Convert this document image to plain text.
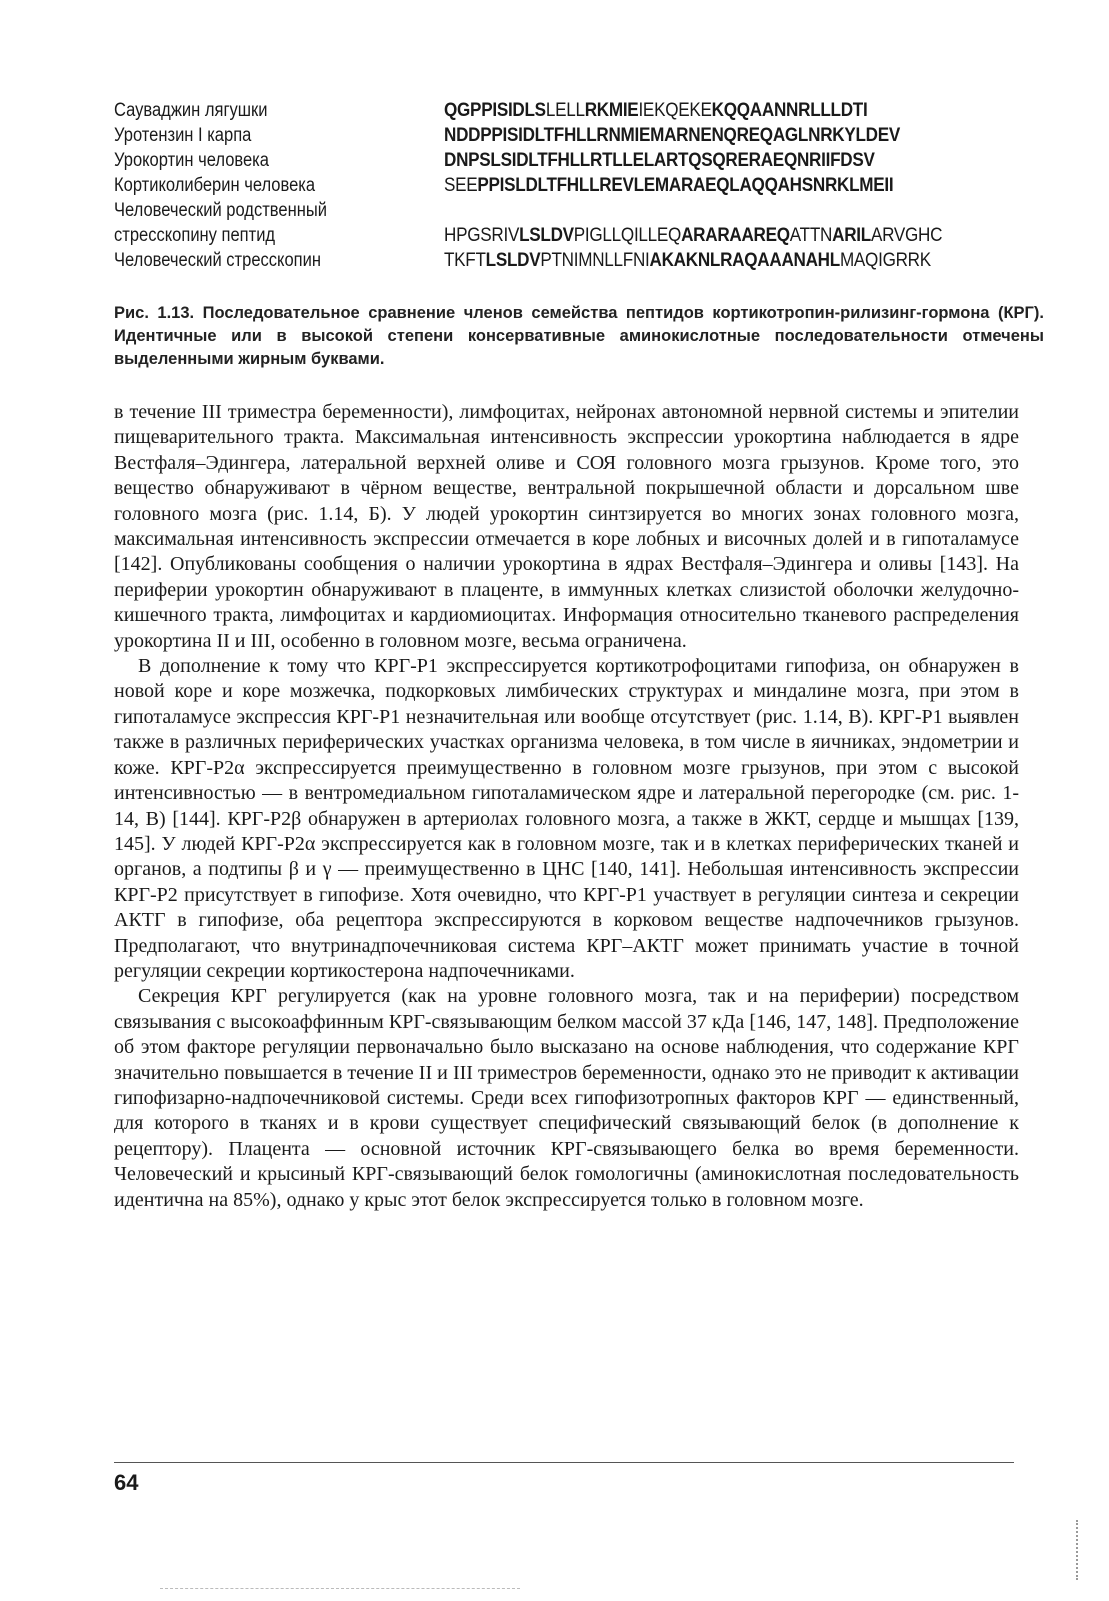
Сауваджин лягушки	QGPPISIDLSLELLRKMIEIEKQEKEKQQAANNRLLLDTI
Уротензин I карпа	NDDPPISIDLTFHLLRNMIEMARNENQREQAGLNRKYLDEV
Урокортин человека	DNPSLSIDLTFHLLRTLLELARTQSQRERAEQNRIIFDSV
Кортиколиберин человека	SEEPPISLDLTFHLLREVLEMARAEQLAQQAHSNRKLMEII
Человеческий родственный
стресскопину пептид	HPGSRIVLSLDVPIGLLQILLEQARARAAREQATTNARILARVGHC
Человеческий стресскопин	TKFTLSLDVPTNIMNLLFNIAKAKNLRAQAAANAHLMAQIGRRK
Рис. 1.13. Последовательное сравнение членов семейства пептидов кортикотропин-рилизинг-гормона (КРГ). Идентичные или в высокой степени консервативные аминокислотные последовательности отмечены выделенными жирным буквами.

в течение III триместра беременности), лимфоцитах, нейронах автономной нервной системы и эпителии пищеварительного тракта. Максимальная интенсивность экспрессии урокортина наблюдается в ядре Вестфаля–Эдингера, латеральной верхней оливе и СОЯ головного мозга грызунов. Кроме того, это вещество обнаруживают в чёрном веществе, вентральной покрышечной области и дорсальном шве головного мозга (рис. 1.14, Б). У людей урокортин синтзируется во многих зонах головного мозга, максимальная интенсивность экспрессии отмечается в коре лобных и височных долей и в гипоталамусе [142]. Опубликованы сообщения о наличии урокортина в ядрах Вестфаля–Эдингера и оливы [143]. На периферии урокортин обнаруживают в плаценте, в иммунных клетках слизистой оболочки желудочно-кишечного тракта, лимфоцитах и кардиомиоцитах. Информация относительно тканевого распределения урокортина II и III, особенно в головном мозге, весьма ограничена.

В дополнение к тому что КРГ-Р1 экспрессируется кортикотрофоцитами гипофиза, он обнаружен в новой коре и коре мозжечка, подкорковых лимбических структурах и миндалине мозга, при этом в гипоталамусе экспрессия КРГ-Р1 незначительная или вообще отсутствует (рис. 1.14, В). КРГ-Р1 выявлен также в различных периферических участках организма человека, в том числе в яичниках, эндометрии и коже. КРГ-Р2α экспрессируется преимущественно в головном мозге грызунов, при этом с высокой интенсивностью — в вентромедиальном гипоталамическом ядре и латеральной перегородке (см. рис. 1-14, В) [144]. КРГ-Р2β обнаружен в артериолах головного мозга, а также в ЖКТ, сердце и мышцах [139, 145]. У людей КРГ-Р2α экспрессируется как в головном мозге, так и в клетках периферических тканей и органов, а подтипы β и γ — преимущественно в ЦНС [140, 141]. Небольшая интенсивность экспрессии КРГ-Р2 присутствует в гипофизе. Хотя очевидно, что КРГ-Р1 участвует в регуляции синтеза и секреции АКТГ в гипофизе, оба рецептора экспрессируются в корковом веществе надпочечников грызунов. Предполагают, что внутринадпочечниковая система КРГ–АКТГ может принимать участие в точной регуляции секреции кортикостерона надпочечниками.

Секреция КРГ регулируется (как на уровне головного мозга, так и на периферии) посредством связывания с высокоаффинным КРГ-связывающим белком массой 37 кДа [146, 147, 148]. Предположение об этом факторе регуляции первоначально было высказано на основе наблюдения, что содержание КРГ значительно повышается в течение II и III триместров беременности, однако это не приводит к активации гипофизарно-надпочечниковой системы. Среди всех гипофизотропных факторов КРГ — единственный, для которого в тканях и в крови существует специфический связывающий белок (в дополнение к рецептору). Плацента — основной источник КРГ-связывающего белка во время беременности. Человеческий и крысиный КРГ-связывающий белок гомологичны (аминокислотная последовательность идентична на 85%), однако у крыс этот белок экспрессируется только в головном мозге.

64
